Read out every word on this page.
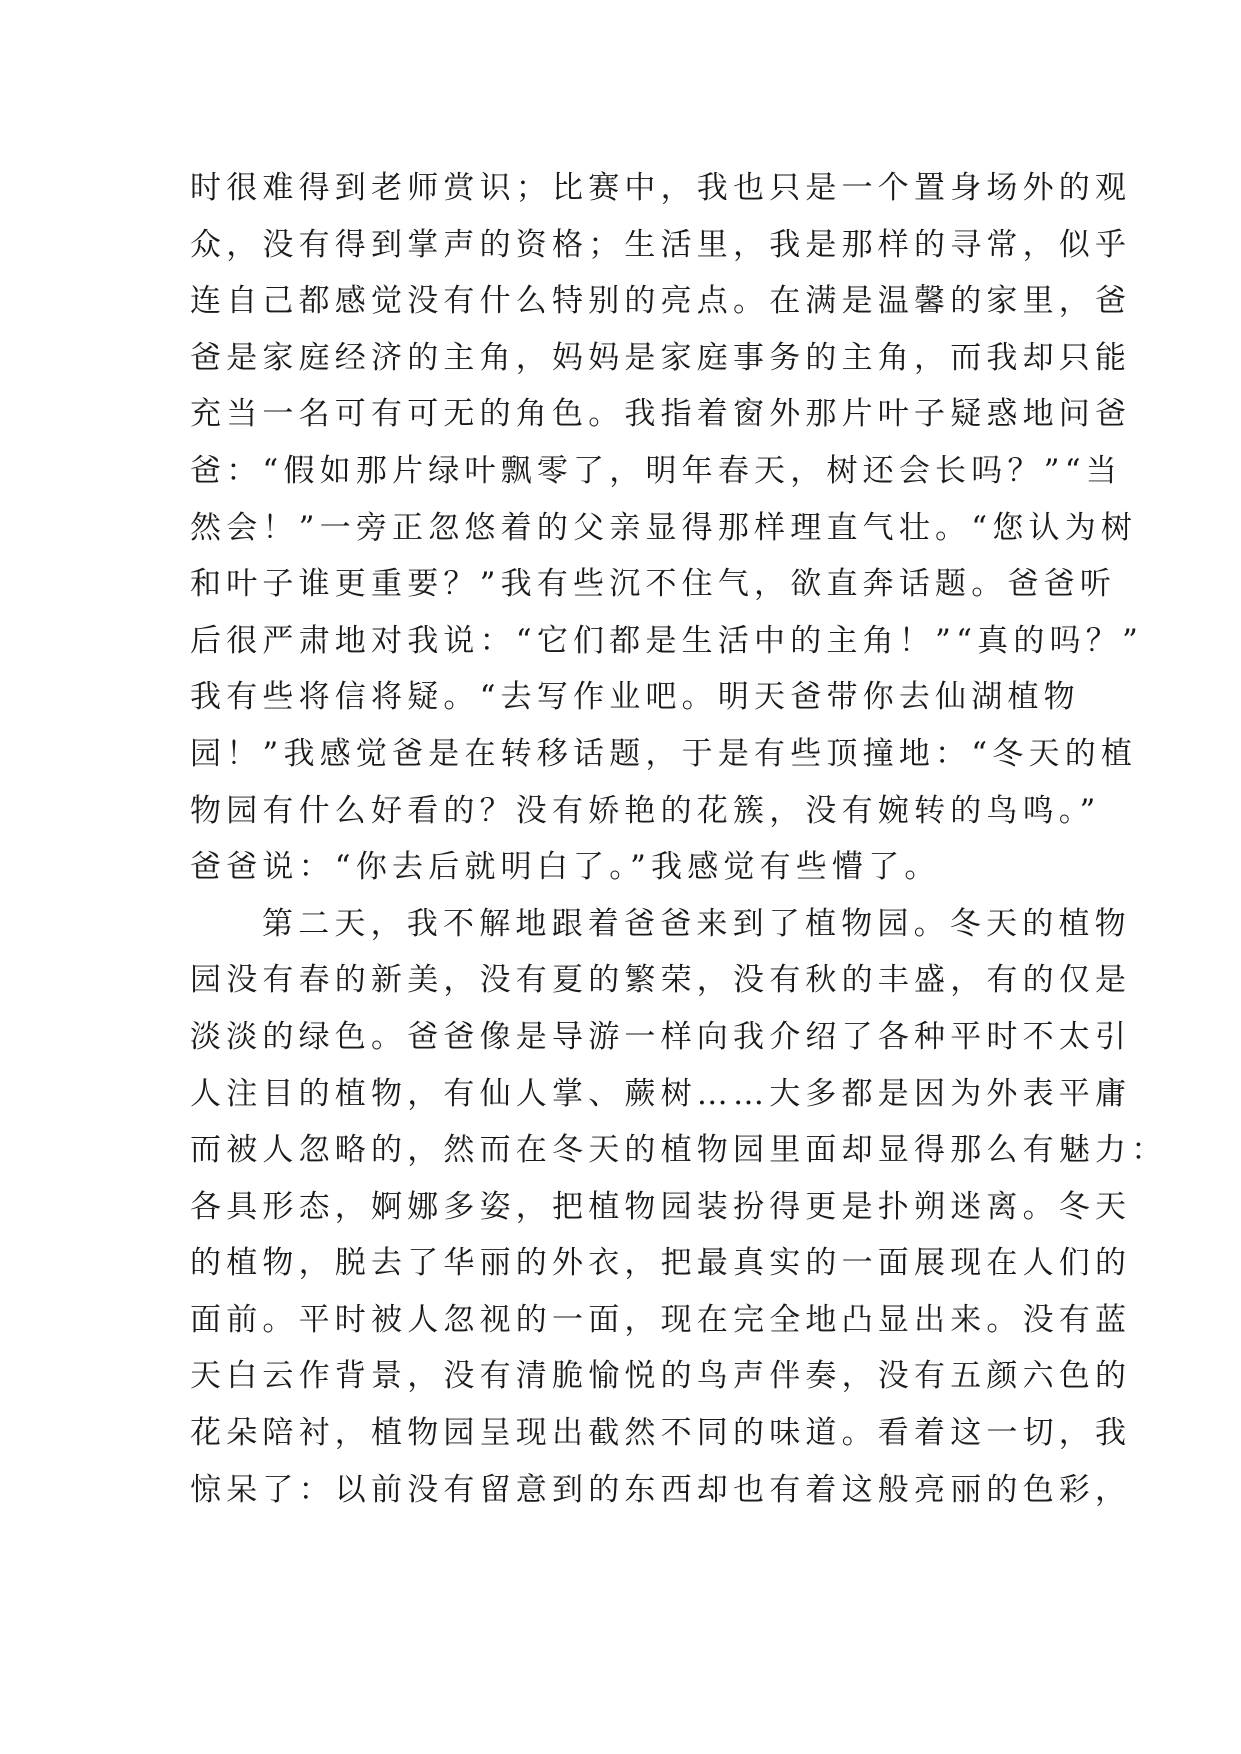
时很难得到老师赏识；比赛中，我也只是一个置身场外的观
众，没有得到掌声的资格；生活里，我是那样的寻常，似乎
连自己都感觉没有什么特别的亮点。在满是温馨的家里，爸
爸是家庭经济的主角，妈妈是家庭事务的主角，而我却只能
充当一名可有可无的角色。我指着窗外那片叶子疑惑地问爸
爸：“假如那片绿叶飘零了，明年春天，树还会长吗？”“当
然会！”一旁正忽悠着的父亲显得那样理直气壮。“您认为树
和叶子谁更重要？”我有些沉不住气，欲直奔话题。爸爸听
后很严肃地对我说：“它们都是生活中的主角！”“真的吗？”
我有些将信将疑。“去写作业吧。明天爸带你去仙湖植物
园！”我感觉爸是在转移话题，于是有些顶撞地：“冬天的植
物园有什么好看的？没有娇艳的花簇，没有婉转的鸟鸣。”
爸爸说：“你去后就明白了。”我感觉有些懵了。
第二天，我不解地跟着爸爸来到了植物园。冬天的植物
园没有春的新美，没有夏的繁荣，没有秋的丰盛，有的仅是
淡淡的绿色。爸爸像是导游一样向我介绍了各种平时不太引
人注目的植物，有仙人掌、蕨树……大多都是因为外表平庸
而被人忽略的，然而在冬天的植物园里面却显得那么有魅力：
各具形态，婀娜多姿，把植物园装扮得更是扑朔迷离。冬天
的植物，脱去了华丽的外衣，把最真实的一面展现在人们的
面前。平时被人忽视的一面，现在完全地凸显出来。没有蓝
天白云作背景，没有清脆愉悦的鸟声伴奏，没有五颜六色的
花朵陪衬，植物园呈现出截然不同的味道。看着这一切，我
惊呆了：以前没有留意到的东西却也有着这般亮丽的色彩，
